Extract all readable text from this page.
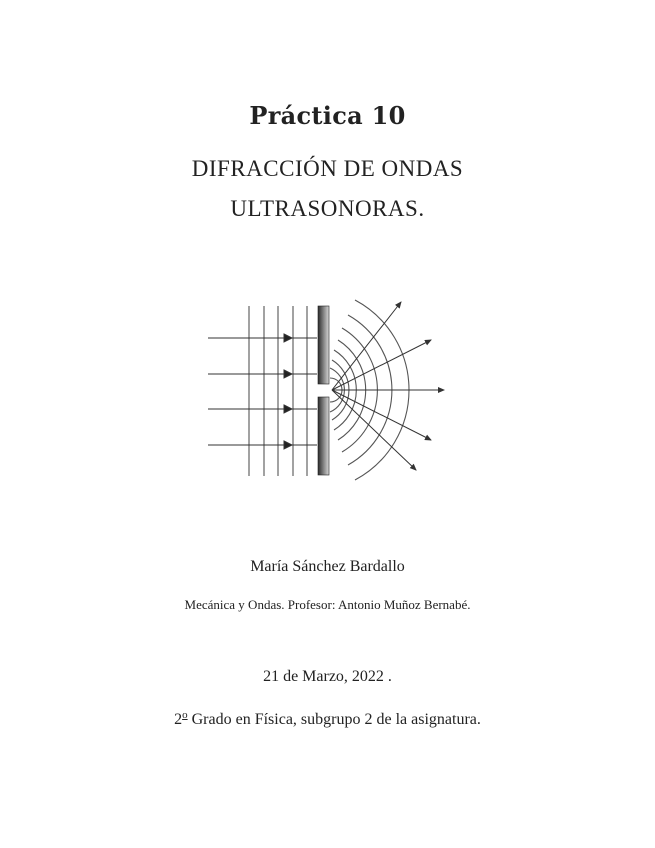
Práctica 10
DIFRACCIÓN DE ONDAS
ULTRASONORAS.
María Sánchez Bardallo
Mecánica y Ondas. Profesor: Antonio Muñoz Bernabé.
21 de Marzo, 2022 .
2$^o$ Grado en Física, subgrupo 2 de la asignatura.
